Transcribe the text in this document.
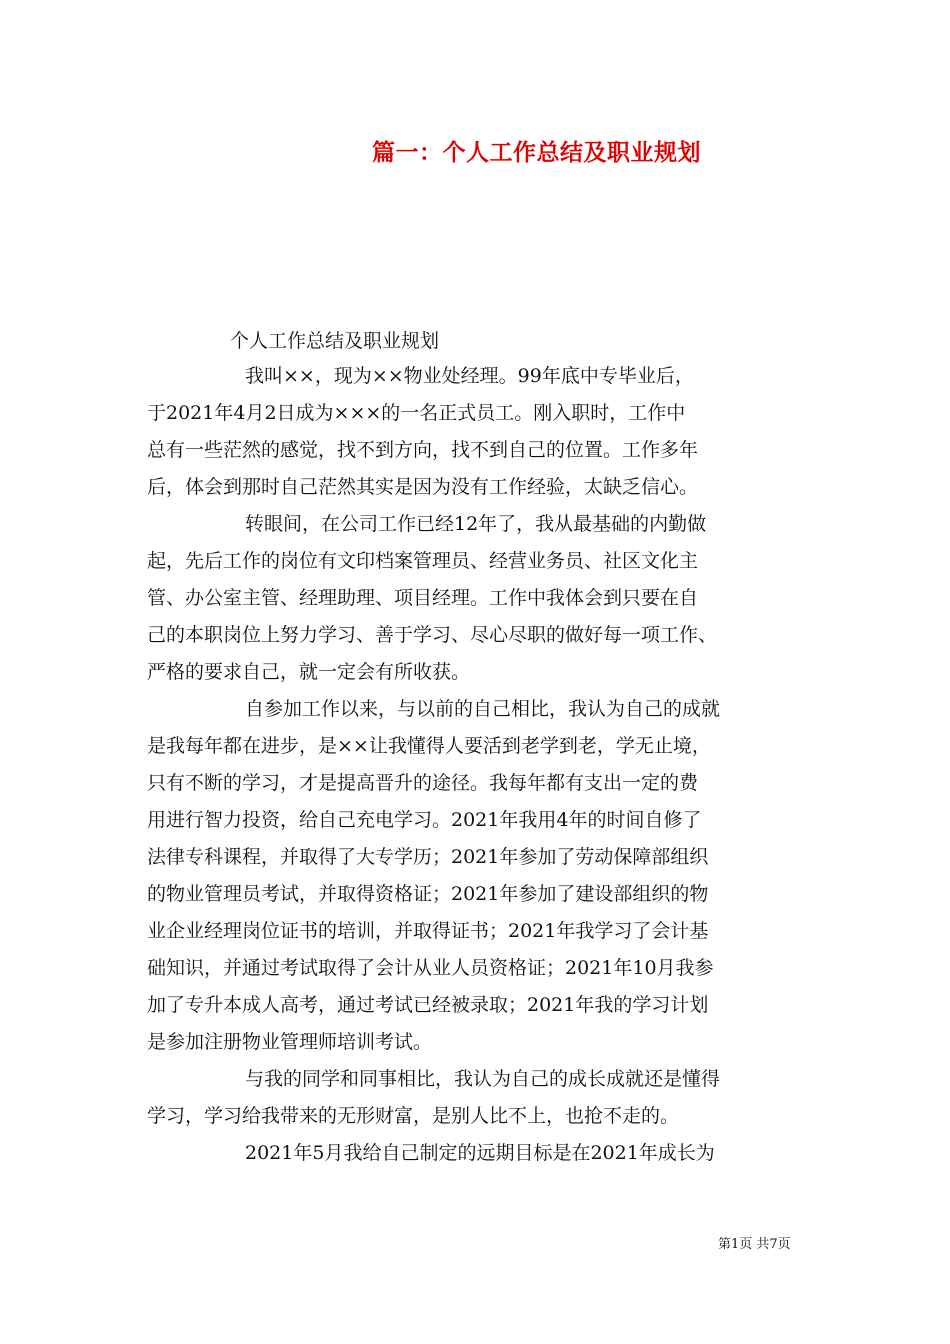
篇一：个人工作总结及职业规划
个人工作总结及职业规划
我叫××，现为××物业处经理。99年底中专毕业后，
于2021年4月2日成为×××的一名正式员工。刚入职时，工作中
总有一些茫然的感觉，找不到方向，找不到自己的位置。工作多年
后，体会到那时自己茫然其实是因为没有工作经验，太缺乏信心。
转眼间，在公司工作已经12年了，我从最基础的内勤做
起，先后工作的岗位有文印档案管理员、经营业务员、社区文化主
管、办公室主管、经理助理、项目经理。工作中我体会到只要在自
己的本职岗位上努力学习、善于学习、尽心尽职的做好每一项工作、
严格的要求自己，就一定会有所收获。
自参加工作以来，与以前的自己相比，我认为自己的成就
是我每年都在进步，是××让我懂得人要活到老学到老，学无止境，
只有不断的学习，才是提高晋升的途径。我每年都有支出一定的费
用进行智力投资，给自己充电学习。2021年我用4年的时间自修了
法律专科课程，并取得了大专学历；2021年参加了劳动保障部组织
的物业管理员考试，并取得资格证；2021年参加了建设部组织的物
业企业经理岗位证书的培训，并取得证书；2021年我学习了会计基
础知识，并通过考试取得了会计从业人员资格证；2021年10月我参
加了专升本成人高考，通过考试已经被录取；2021年我的学习计划
是参加注册物业管理师培训考试。
与我的同学和同事相比，我认为自己的成长成就还是懂得
学习，学习给我带来的无形财富，是别人比不上，也抢不走的。
2021年5月我给自己制定的远期目标是在2021年成长为
第1页 共7页
